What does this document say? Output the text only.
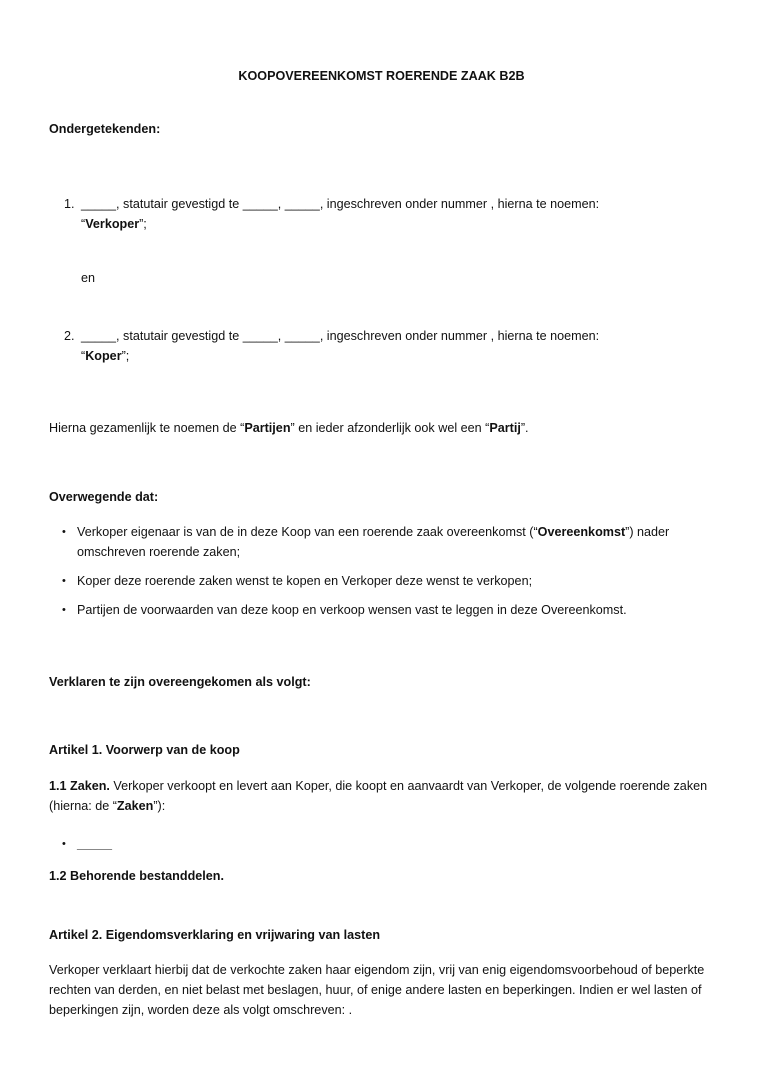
KOOPOVEREENKOMST ROERENDE ZAAK B2B
Ondergetekenden:
1. _____, statutair gevestigd te _____, _____, ingeschreven onder nummer , hierna te noemen:
“Verkoper”;
en
2. _____, statutair gevestigd te _____, _____, ingeschreven onder nummer , hierna te noemen:
“Koper”;
Hierna gezamenlijk te noemen de “Partijen” en ieder afzonderlijk ook wel een “Partij”.
Overwegende dat:
• Verkoper eigenaar is van de in deze Koop van een roerende zaak overeenkomst (“Overeenkomst”) nader omschreven roerende zaken;
• Koper deze roerende zaken wenst te kopen en Verkoper deze wenst te verkopen;
• Partijen de voorwaarden van deze koop en verkoop wensen vast te leggen in deze Overeenkomst.
Verklaren te zijn overeengekomen als volgt:
Artikel 1. Voorwerp van de koop
1.1 Zaken. Verkoper verkoopt en levert aan Koper, die koopt en aanvaardt van Verkoper, de volgende roerende zaken (hierna: de “Zaken”):
• _____
1.2 Behorende bestanddelen.
Artikel 2. Eigendomsverklaring en vrijwaring van lasten
Verkoper verklaart hierbij dat de verkochte zaken haar eigendom zijn, vrij van enig eigendomsvoorbehoud of beperkte rechten van derden, en niet belast met beslagen, huur, of enige andere lasten en beperkingen. Indien er wel lasten of beperkingen zijn, worden deze als volgt omschreven: .
